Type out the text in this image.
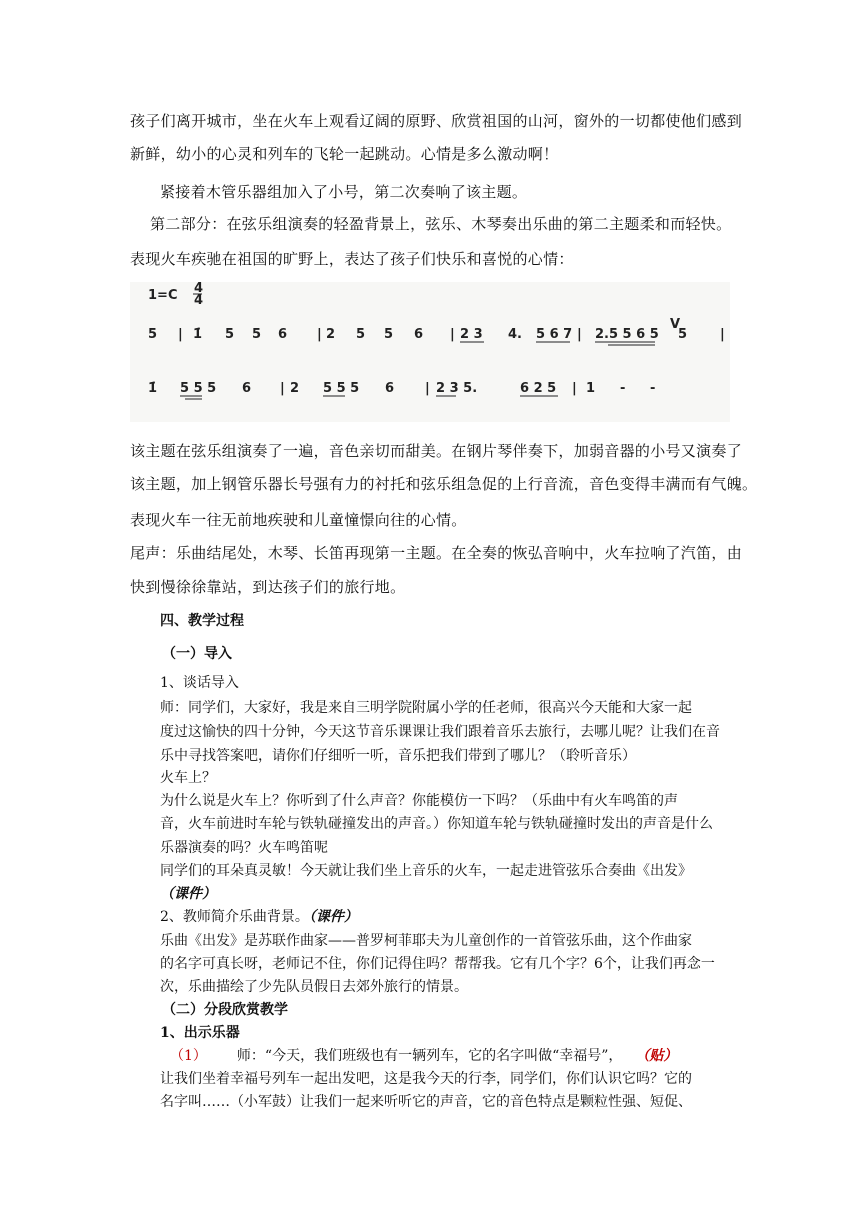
孩子们离开城市，坐在火车上观看辽阔的原野、欣赏祖国的山河，窗外的一切都使他们感到
新鲜，幼小的心灵和列车的飞轮一起跳动。心情是多么激动啊！
紧接着木管乐器组加入了小号，第二次奏响了该主题。
第二部分：在弦乐组演奏的轻盈背景上，弦乐、木琴奏出乐曲的第二主题柔和而轻快。
表现火车疾驰在祖国的旷野上，表达了孩子们快乐和喜悦的心情：
1=C 4
4
5 | 1̇ 5 5 6 | 2 5 5 6 | 2 3 4. 5 6 7 | 2.5 5 6 5
V
5	|
1̇ 5 5 5 6 | 2 5 5 5 6 | 2 3 5.	6 2 5 | 1 - -
该主题在弦乐组演奏了一遍，音色亲切而甜美。在钢片琴伴奏下，加弱音器的小号又演奏了
该主题，加上钢管乐器长号强有力的衬托和弦乐组急促的上行音流，音色变得丰满而有气魄。
表现火车一往无前地疾驶和儿童憧憬向往的心情。
尾声：乐曲结尾处，木琴、长笛再现第一主题。在全奏的恢弘音响中，火车拉响了汽笛，由
快到慢徐徐靠站，到达孩子们的旅行地。
四、教学过程
（一）导入
1、谈话导入
师：同学们，大家好，我是来自三明学院附属小学的任老师，很高兴今天能和大家一起
度过这愉快的四十分钟，今天这节音乐课课让我们跟着音乐去旅行，去哪儿呢？让我们在音
乐中寻找答案吧，请你们仔细听一听，音乐把我们带到了哪儿？（聆听音乐）
火车上？
为什么说是火车上？你听到了什么声音？你能模仿一下吗？（乐曲中有火车鸣笛的声
音，火车前进时车轮与铁轨碰撞发出的声音。）你知道车轮与铁轨碰撞时发出的声音是什么
乐器演奏的吗？火车鸣笛呢
同学们的耳朵真灵敏！今天就让我们坐上音乐的火车，一起走进管弦乐合奏曲《出发》
（课件）
2、教师简介乐曲背景。（课件）
乐曲《出发》是苏联作曲家——普罗柯菲耶夫为儿童创作的一首管弦乐曲，这个作曲家
的名字可真长呀，老师记不住，你们记得住吗？帮帮我。它有几个字？6个，让我们再念一
次，乐曲描绘了少先队员假日去郊外旅行的情景。
（二）分段欣赏教学
1、出示乐器
（1） 师：“今天，我们班级也有一辆列车，它的名字叫做“幸福号”， （贴）
让我们坐着幸福号列车一起出发吧，这是我今天的行李，同学们，你们认识它吗？它的
名字叫……（小军鼓）让我们一起来听听它的声音，它的音色特点是颗粒性强、短促、
